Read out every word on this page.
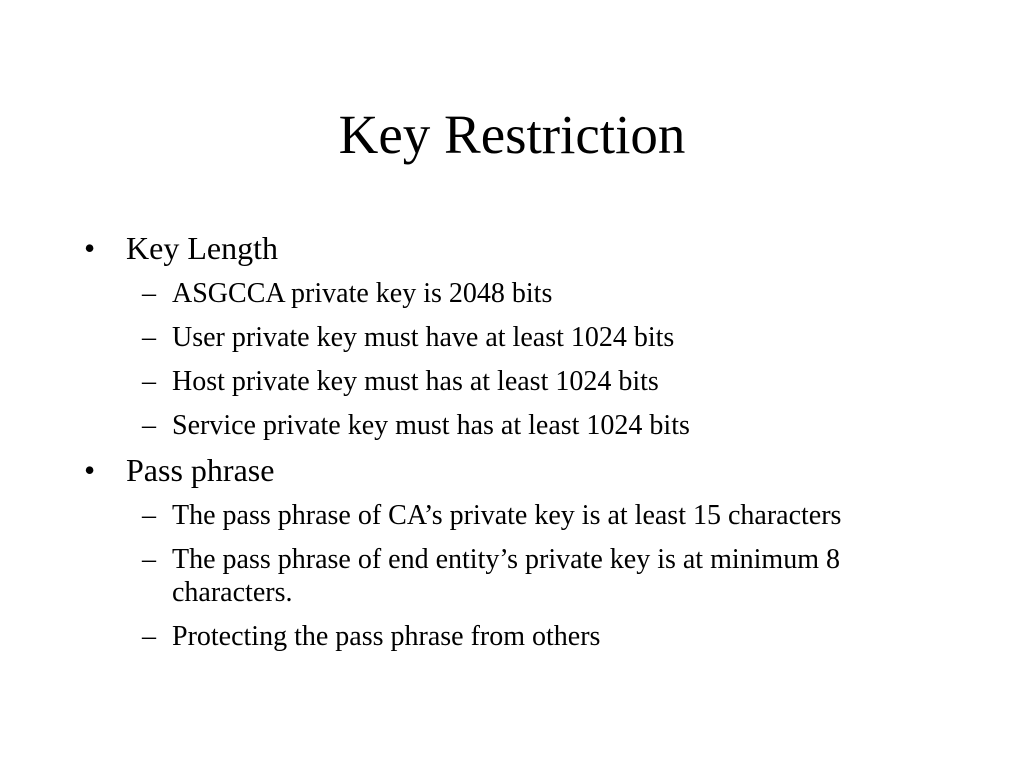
Key Restriction
• Key Length
– ASGCCA private key is 2048 bits
– User private key must have at least 1024 bits
– Host private key must has at least 1024 bits
– Service private key must has at least 1024 bits
• Pass phrase
– The pass phrase of CA’s private key is at least 15 characters
– The pass phrase of end entity’s private key is at minimum 8 characters.
– Protecting the pass phrase from others
